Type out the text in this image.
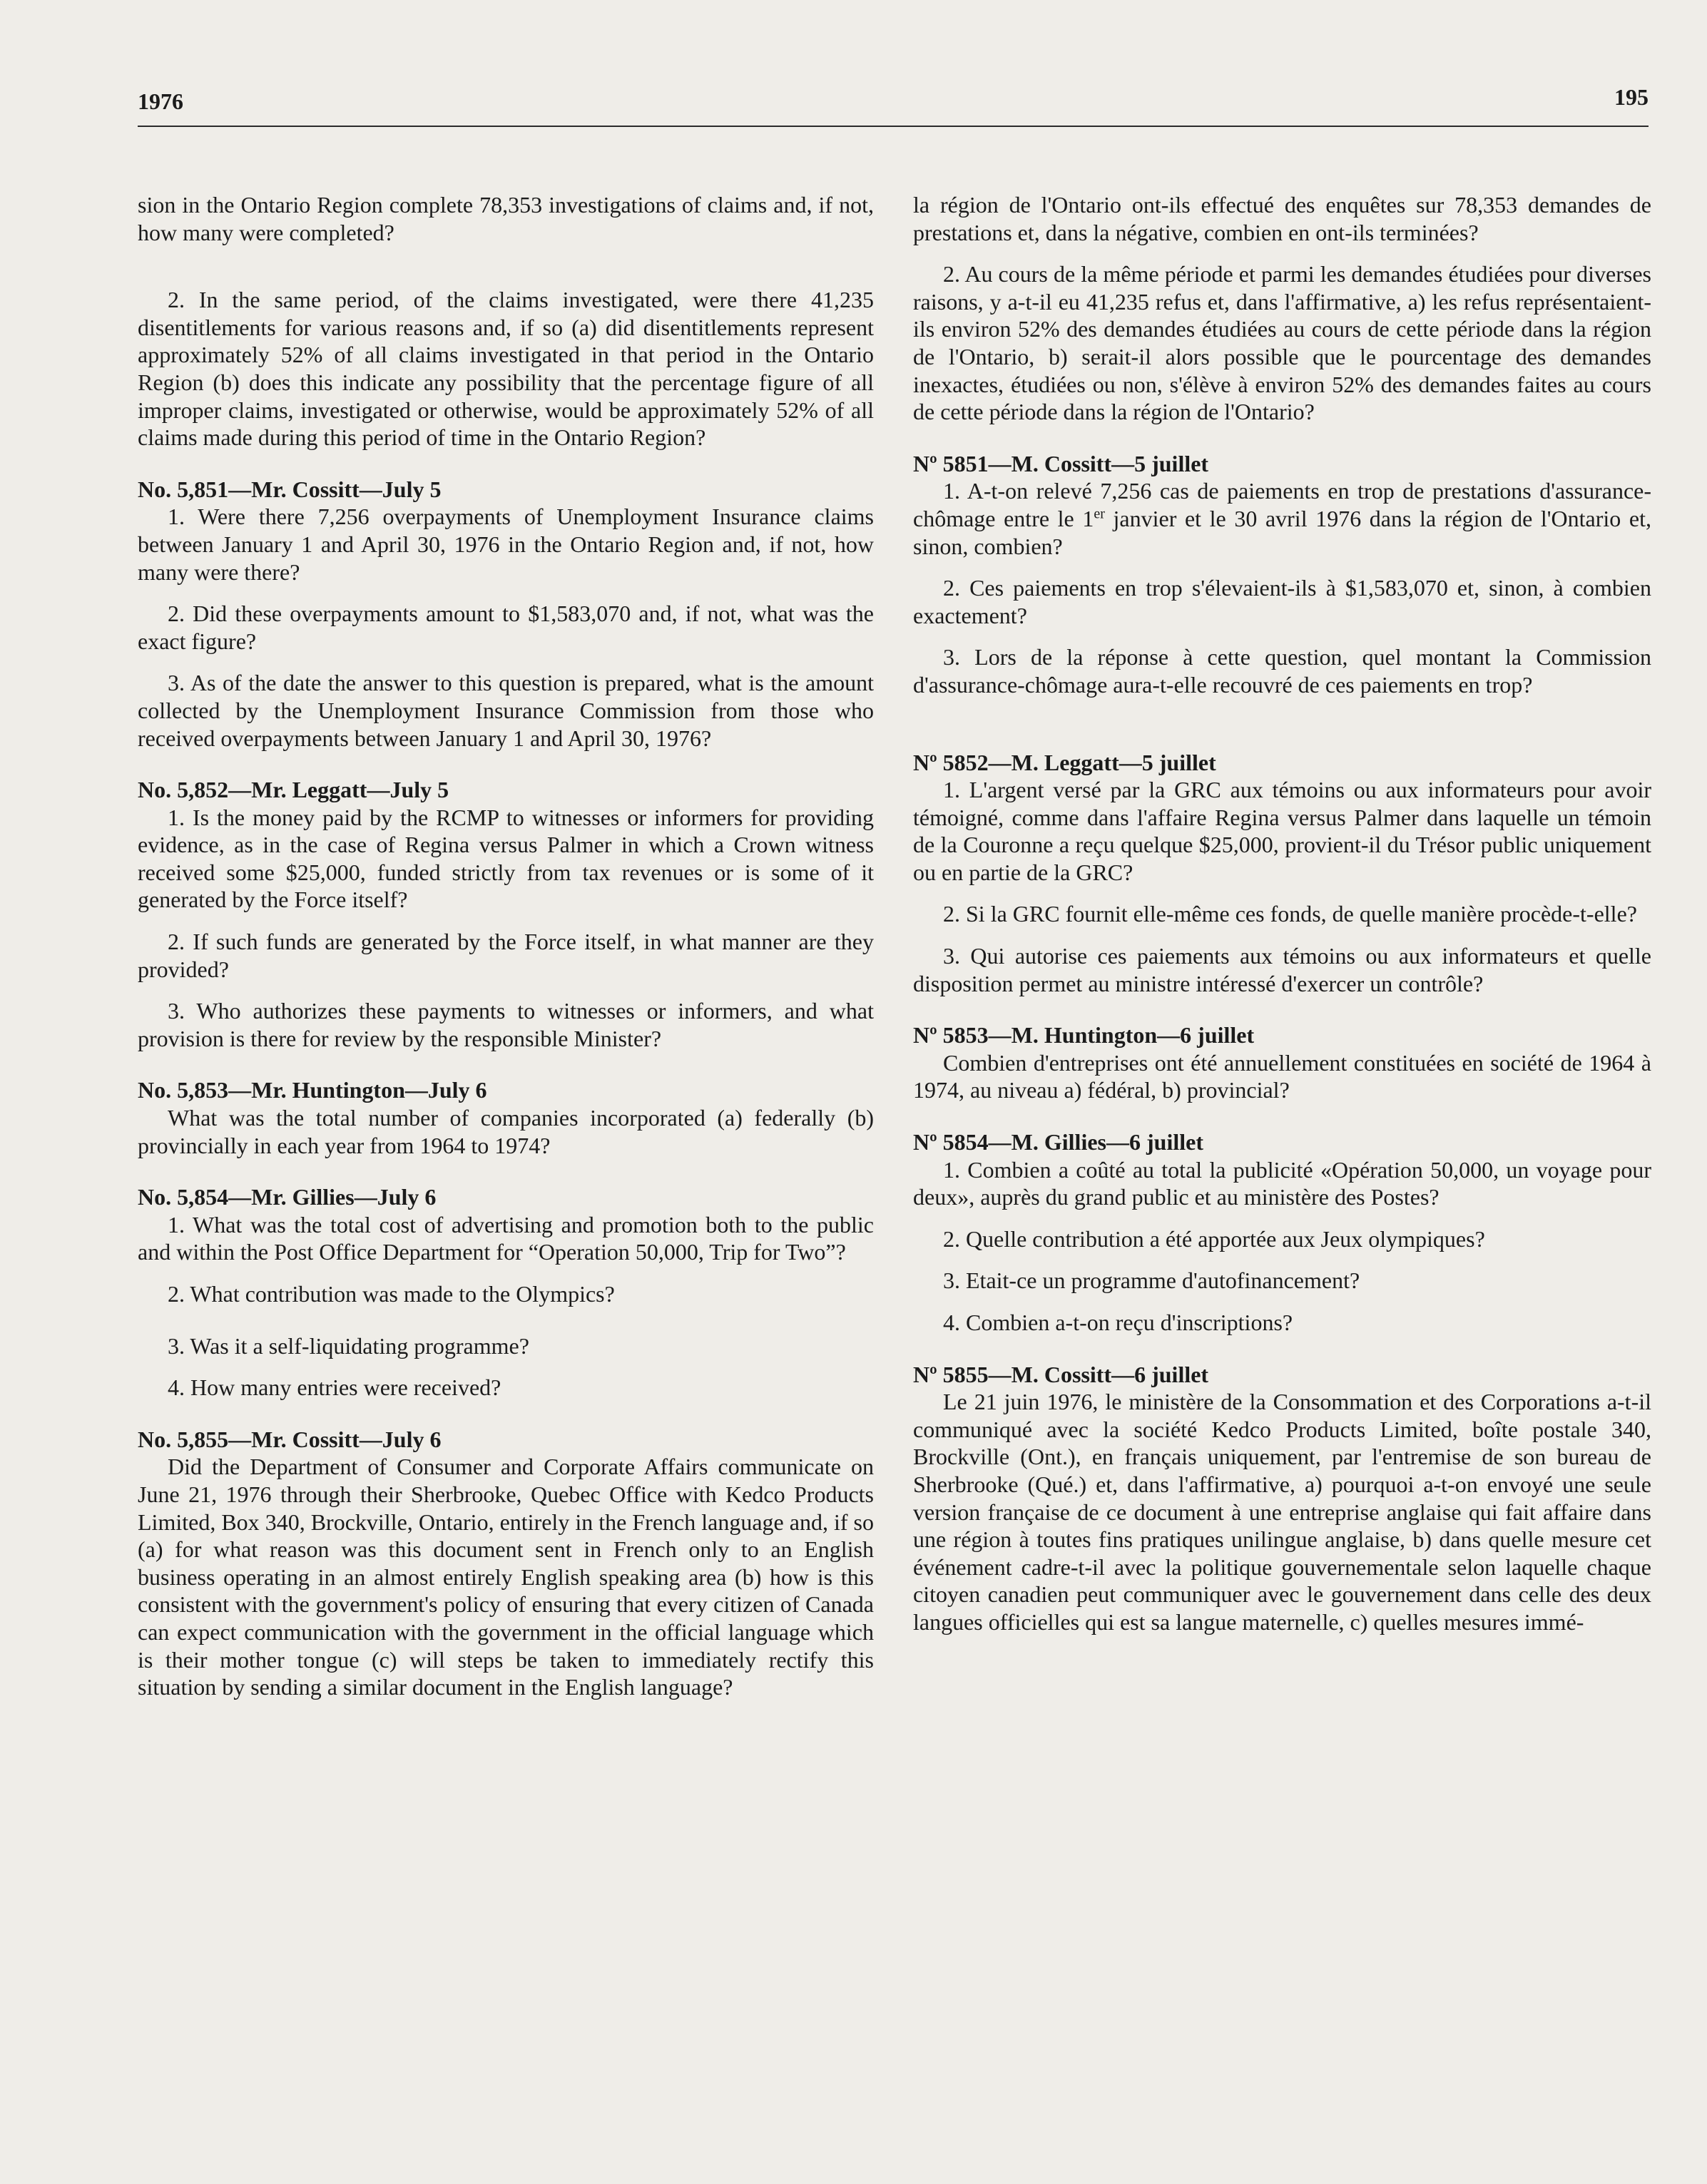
1976	195

sion in the Ontario Region complete 78,353 investigations of claims and, if not, how many were completed?

2. In the same period, of the claims investigated, were there 41,235 disentitlements for various reasons and, if so (a) did disentitlements represent approximately 52% of all claims investigated in that period in the Ontario Region (b) does this indicate any possibility that the percentage figure of all improper claims, investigated or otherwise, would be approximately 52% of all claims made during this period of time in the Ontario Region?

No. 5,851—Mr. Cossitt—July 5

1. Were there 7,256 overpayments of Unemployment Insurance claims between January 1 and April 30, 1976 in the Ontario Region and, if not, how many were there?

2. Did these overpayments amount to $1,583,070 and, if not, what was the exact figure?

3. As of the date the answer to this question is prepared, what is the amount collected by the Unemployment Insurance Commission from those who received overpayments between January 1 and April 30, 1976?

No. 5,852—Mr. Leggatt—July 5

1. Is the money paid by the RCMP to witnesses or informers for providing evidence, as in the case of Regina versus Palmer in which a Crown witness received some $25,000, funded strictly from tax revenues or is some of it generated by the Force itself?

2. If such funds are generated by the Force itself, in what manner are they provided?

3. Who authorizes these payments to witnesses or informers, and what provision is there for review by the responsible Minister?

No. 5,853—Mr. Huntington—July 6

What was the total number of companies incorporated (a) federally (b) provincially in each year from 1964 to 1974?

No. 5,854—Mr. Gillies—July 6

1. What was the total cost of advertising and promotion both to the public and within the Post Office Department for “Operation 50,000, Trip for Two”?

2. What contribution was made to the Olympics?

3. Was it a self-liquidating programme?

4. How many entries were received?

No. 5,855—Mr. Cossitt—July 6

Did the Department of Consumer and Corporate Affairs communicate on June 21, 1976 through their Sherbrooke, Quebec Office with Kedco Products Limited, Box 340, Brockville, Ontario, entirely in the French language and, if so (a) for what reason was this document sent in French only to an English business operating in an almost entirely English speaking area (b) how is this consistent with the government's policy of ensuring that every citizen of Canada can expect communication with the government in the official language which is their mother tongue (c) will steps be taken to immediately rectify this situation by sending a similar document in the English language?

la région de l'Ontario ont-ils effectué des enquêtes sur 78,353 demandes de prestations et, dans la négative, combien en ont-ils terminées?

2. Au cours de la même période et parmi les demandes étudiées pour diverses raisons, y a-t-il eu 41,235 refus et, dans l'affirmative, a) les refus représentaient-ils environ 52% des demandes étudiées au cours de cette période dans la région de l'Ontario, b) serait-il alors possible que le pourcentage des demandes inexactes, étudiées ou non, s'élève à environ 52% des demandes faites au cours de cette période dans la région de l'Ontario?

Nº 5851—M. Cossitt—5 juillet

1. A-t-on relevé 7,256 cas de paiements en trop de prestations d'assurance-chômage entre le 1er janvier et le 30 avril 1976 dans la région de l'Ontario et, sinon, combien?

2. Ces paiements en trop s'élevaient-ils à $1,583,070 et, sinon, à combien exactement?

3. Lors de la réponse à cette question, quel montant la Commission d'assurance-chômage aura-t-elle recouvré de ces paiements en trop?

Nº 5852—M. Leggatt—5 juillet

1. L'argent versé par la GRC aux témoins ou aux informateurs pour avoir témoigné, comme dans l'affaire Regina versus Palmer dans laquelle un témoin de la Couronne a reçu quelque $25,000, provient-il du Trésor public uniquement ou en partie de la GRC?

2. Si la GRC fournit elle-même ces fonds, de quelle manière procède-t-elle?

3. Qui autorise ces paiements aux témoins ou aux informateurs et quelle disposition permet au ministre intéressé d'exercer un contrôle?

Nº 5853—M. Huntington—6 juillet

Combien d'entreprises ont été annuellement constituées en société de 1964 à 1974, au niveau a) fédéral, b) provincial?

Nº 5854—M. Gillies—6 juillet

1. Combien a coûté au total la publicité «Opération 50,000, un voyage pour deux», auprès du grand public et au ministère des Postes?

2. Quelle contribution a été apportée aux Jeux olympiques?

3. Etait-ce un programme d'autofinancement?

4. Combien a-t-on reçu d'inscriptions?

Nº 5855—M. Cossitt—6 juillet

Le 21 juin 1976, le ministère de la Consommation et des Corporations a-t-il communiqué avec la société Kedco Products Limited, boîte postale 340, Brockville (Ont.), en français uniquement, par l'entremise de son bureau de Sherbrooke (Qué.) et, dans l'affirmative, a) pourquoi a-t-on envoyé une seule version française de ce document à une entreprise anglaise qui fait affaire dans une région à toutes fins pratiques unilingue anglaise, b) dans quelle mesure cet événement cadre-t-il avec la politique gouvernementale selon laquelle chaque citoyen canadien peut communiquer avec le gouvernement dans celle des deux langues officielles qui est sa langue maternelle, c) quelles mesures immé-
